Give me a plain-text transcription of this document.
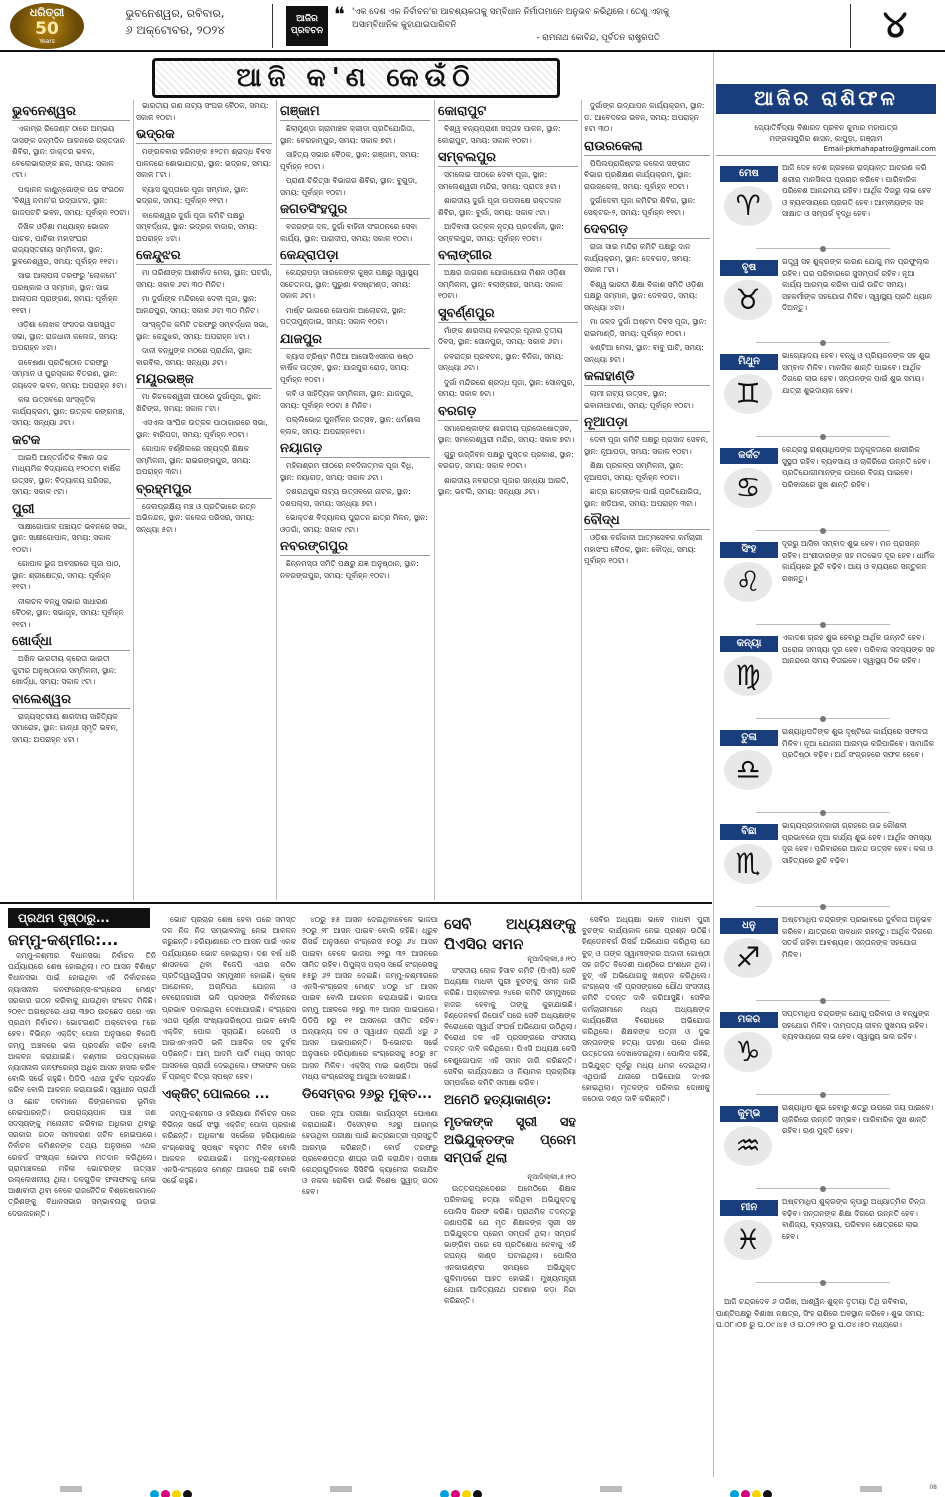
ଧରିତ୍ରୀ
50
Years
ଭୁବନେଶ୍ୱର, ରବିବାର,
୬ ଅକ୍ଟୋବର, ୨୦୨୪
ଆଜିର
ପ୍ରବଚନ
❝ 'ଏକ ଦେଶ ଏକ ନିର୍ବାଚନ'ର ଆବଶ୍ୟକତାକୁ ସମ୍ବିଧାନ ନିର୍ମାତାମାନେ ଅନୁଭବ କରିଥିଲେ। ତେଣୁ ଏହାକୁ ଅସାମ୍ବିଧାନିକ କୁହାଯାଇପାରିବନି
- ରାମନାଥ କୋବିନ୍ଦ, ପୂର୍ବତନ ରାଷ୍ଟ୍ରପତି	୪
ଆଜି କ'ଣ କେଉଁଠି
ଭୁବନେଶ୍ୱର

ଏକାମ୍ର ରିଜେଣ୍ଟ ଠାରେ ଅମ୍ଭୟ ଦାସଙ୍କ ଜନ୍ମଦିନ ପାଳନରେ ରକ୍ତଦାନ ଶିବିର, ସ୍ଥାନ: ଡାକ୍ତର ଭବନ, ବେଲେଭାଲଙ୍କ ଛକ, ସମୟ: ସକାଳ ୯ଟା।

ପଶ୍ଚାନନ କାଣୁନ୍‌ଗୋଙ୍କ ଉଚ୍ଚ ସଂଗଠନ 'ବିଶ୍ୱ ନମନ'ର ଉଦ୍‌ଘାଟନ, ସ୍ଥାନ: ଗାଜପଟଟି ଭବନ, ସମୟ: ପୂର୍ବାହ୍ନ ୧୦ଟା।

ନିଖିଳ ଓଡ଼ିଶା ମଧ୍ୟାହ୍ନ ଭୋଜନ ପାଚକ, ପାଚିକା ମହାସଂଘର ରାଜ୍ୟସ୍ତରୀୟ ସମ୍ମିଳନୀ, ସ୍ଥାନ: ଭୁବନେଶ୍ୱର, ସମୟ: ପୂର୍ବାହ୍ନ ୧୧ଟା।

ସାଇ ଆଲାପନା ତରଫରୁ 'ଲୋକମେ' ପରଷ୍କାର ଓ ସମ୍ମାନ, ସ୍ଥାନ: ସାଇ ଆଲାପନା ପ୍ରାଙ୍ଗଣ, ସମୟ: ପୂର୍ବାହ୍ନ ୧୧ଟା।

ଓଡ଼ିଶା ଲେଖକ ସଂସଦର ସାରସ୍ୱତ ସଭା, ସ୍ଥାନ: ରାଜଧାନୀ କଲେଜ, ସମୟ: ଅପରାହ୍ନ ୪ଟା।

ଗବେଷଣା ପ୍ରତିଷ୍ଠାନ ତରଫରୁ ସମ୍ମାନ ଓ ପୁରସ୍କାର ବିତରଣ, ସ୍ଥାନ: ଜୟଦେବ ଭବନ, ସମୟ: ଅପରାହ୍ନ ୫ଟା।

କଳା ଉତ୍ସବରେ ସାଂସ୍କୃତିକ କାର୍ଯ୍ୟକ୍ରମ, ସ୍ଥାନ: ଉତ୍କଳ ରଙ୍ଗମଞ୍ଚ, ସମୟ: ସନ୍ଧ୍ୟା ୬ଟା।

କଟକ

ଆଇପି ଆନ୍ତର୍ଜାତିକ ବିଜ୍ଞାନ ଉଚ୍ଚ ମାଧ୍ୟମିକ ବିଦ୍ୟାଳୟ ୧୨୦ତମ ବାର୍ଷିକ ଉତ୍ସବ, ସ୍ଥାନ: ବିଦ୍ୟାଳୟ ପରିସର, ସମୟ: ସକାଳ ୯ଟା।

ପୁରୀ

ସାକ୍ଷୀଗୋପାଳ ପଞ୍ଚାୟତ ଭବନରେ ସଭା, ସ୍ଥାନ: ସାକ୍ଷୀଗୋପାଳ, ସମୟ: ସକାଳ ୧୦ଟା।

ଗୋପାଳ ଭୁଜ ଅବସରରେ ପୂଜା ପାଠ, ସ୍ଥାନ: ଶ୍ରୀକ୍ଷେତ୍ର, ସମୟ: ପୂର୍ବାହ୍ନ ୧୧ଟା।

ନୀଳାଚଳ ବନ୍ଧୁ ସଭାର ସାଧାରଣ ବୈଠକ, ସ୍ଥାନ: ସଭାଗୃହ, ସମୟ: ପୂର୍ବାହ୍ନ ୧୧ଟା।

ଖୋର୍ଦ୍ଧା

ଅଖିଳ ଭାରତୀୟ କ୍ରେତା ଭାରତୀ କୁଟୀର ଅନୁଷ୍ଠାନର ସମ୍ମିଳନୀ, ସ୍ଥାନ: ଖୋର୍ଦ୍ଧା, ସମୟ: ସକାଳ ୯ଟା।

ବାଲେଶ୍ୱର

ରାଜ୍ୟସ୍ତରୀୟ ଶାରଦୀୟ ସାହିତ୍ୟିକ ସମାରୋହ, ସ୍ଥାନ: ଗାନ୍ଧୀ ସ୍ମୃତି ଭବନ, ସମୟ: ଅପରାହ୍ନ ୪ଟା।

ଭାରତୀୟ ଗଣ ନାଟ୍ୟ ସଂଘର ବୈଠକ, ସମୟ: ସକାଳ ୧୦ଟା।

ଭଦ୍ରକ

ମଙ୍ଗଳବାର ହରିମଙ୍କ ୫୨ତମ ଶ୍ରାଦ୍ଧ ବିବସ ପାଳନରେ ଶୋଭାଯାତ୍ରା, ସ୍ଥାନ: ଭଦ୍ରକ, ସମୟ: ସକାଳ ୮ଟା।

ବ୍ୟାସ ଗୁପ୍ତାରେ ପୂଜା ସମ୍ମାନ, ସ୍ଥାନ: ଭଦ୍ରକ, ସମୟ: ପୂର୍ବାହ୍ନ ୧୧ଟା।

ବାଲେଶ୍ୱର ଦୁର୍ଗା ପୂଜା କମିଟି ପକ୍ଷରୁ ସମ୍ବର୍ଦ୍ଧନା, ସ୍ଥାନ: ଭଦ୍ରକ ବାଜାର, ସମୟ: ଅପରାହ୍ନ ୪ଟା।

କେନ୍ଦୁଝର

ମା ତାରିଣୀଙ୍କ ଆଶୀର୍ବାଦ ମେଳା, ସ୍ଥାନ: ଘଟଗାଁ, ସମୟ: ସକାଳ ୬ଟା ୩୦ ମିନିଟ।

ମା ଦୁର୍ଗାଙ୍କ ମନ୍ଦିରରେ ଦେବୀ ପୂଜା, ସ୍ଥାନ: ଆନନ୍ଦପୁର, ସମୟ: ସକାଳ ୬ଟା ୩୦ ମିନିଟ।

ସାଂସ୍କୃତିକ କମିଟି ତରଫରୁ ସମ୍ବର୍ଦ୍ଧନା ସଭା, ସ୍ଥାନ: କେନ୍ଦୁଝର, ସମୟ: ଅପରାହ୍ନ ୪ଟା।

ଦାନୀ ବନ୍ଧୁଙ୍କ ମଠରେ ପ୍ରାର୍ଥନା, ସ୍ଥାନ: ବାରବିଲ, ସମୟ: ସନ୍ଧ୍ୟା ୬ଟା।

ମୟୂରଭଞ୍ଜ

ମା କିଚକେଶ୍ୱରୀ ପୀଠରେ ଦୁର୍ଗାପୂଜା, ସ୍ଥାନ: ଖିଚିଙ୍ଗ, ସମୟ: ସକାଳ ୮ଟା।

ଏସଏଲ ସାଂଘିକ ଉତ୍କଳ ପାଠାଗାରରେ ସଭା, ସ୍ଥାନ: ବାରିପଦା, ସମୟ: ପୂର୍ବାହ୍ନ ୧୦ଟା।

ଗୋପାଳ ବର୍ଣ୍ଣିଲରେ ସହ୍ୟଦ୍ରି ଶିକ୍ଷକ ସମ୍ମିଳନୀ, ସ୍ଥାନ: ରାଇରଙ୍ଗପୁର, ସମୟ: ଅପରାହ୍ନ ୩ଟା।

ବ୍ରହ୍ମପୁର

ଜେଲପ୍ରକ୍ଷିୟ ମଞ୍ଚ ଓ ପ୍ରତିଭାରେ ରତ୍ନ ଅଭିନନ୍ଦନ, ସ୍ଥାନ: କଲେଜ ପରିସର, ସମୟ: ସନ୍ଧ୍ୟା ୫ଟା।

ଗଞ୍ଜାମ

ଛିଲାମୁଣ୍ଡା ଗ୍ରାମାଞ୍ଚଳ କ୍ରୀଡ଼ା ପ୍ରତିଯୋଗିତା, ସ୍ଥାନ: ବେରହାମ୍ପୁର, ସମୟ: ସକାଳ ୭ଟା।

ସାହିତ୍ୟ ସଭାର ବୈଠକ, ସ୍ଥାନ: ଗଞ୍ଜାମ, ସମୟ: ପୂର୍ବାହ୍ନ ୧୦ଟା।

ପ୍ରାଣୀ ଚିକିତ୍ସା ବିଭାଗର ଶିବିର, ସ୍ଥାନ: ବୁଗୁଡ଼ା, ସମୟ: ପୂର୍ବାହ୍ନ ୧୦ଟା।

ଜଗତସିଂହପୁର

ବଜରଙ୍ଗ ଦଳ, ଦୁର୍ଗା ବାହିନୀ ସଂଗଠନରେ ସେବା କାର୍ଯ୍ୟ, ସ୍ଥାନ: ପାରାଦୀପ, ସମୟ: ସକାଳ ୧୦ଟା।

କେନ୍ଦ୍ରାପଡ଼ା

କେନ୍ଦ୍ରାପଡ଼ା ସାରଳେଙ୍କ କୁଞ୍ଜ ପକ୍ଷରୁ ସ୍ୱାସ୍ଥ୍ୟ ସଚେତନତା, ସ୍ଥାନ: ପୁରୁଣା ବସଷ୍ଟାଣ୍ଡ, ସମୟ: ସକାଳ ୬ଟା।

ମାର୍ଷ୍ଟ ଭାଗରେ ଗୋପାଳ ଆଲୋଚନା, ସ୍ଥାନ: ପତ୍ତାମୁଣ୍ଡାଇ, ସମୟ: ସକାଳ ୧୦ଟା।

ଯାଜପୁର

ବ୍ୟାସ ଟ୍ରିଷ୍ଟ ମିଡିଆ ଆସୋସିଏସନର ଷଷ୍ଠ ବାର୍ଷିକ ଉତ୍ସବ, ସ୍ଥାନ: ଯାଜପୁର ରୋଡ଼, ସମୟ: ପୂର୍ବାହ୍ନ ୧୦ଟା।

କବି ଓ ସାହିତ୍ୟିକ ସମ୍ମିଳନୀ, ସ୍ଥାନ: ଯାଜପୁର, ସମୟ: ପୂର୍ବାହ୍ନ ୧୦ଟା ୫ ମିନିଟ।

ପଲ୍ଲିଭୋଜ ପୁନର୍ମିଳନ ଉତ୍ସବ, ସ୍ଥାନ: ଧର୍ମଶାଳା ବ୍ଲକ, ସମୟ: ଅପରାହ୍ନ୧ଟା।

ନୟାଗଡ଼

ମହିଳାଶ୍ରମ ପୀଠରେ ନବଦିନାତ୍ମକ ପୂଜା ବିଧି, ସ୍ଥାନ: ନୟାଗଡ଼, ସମୟ: ସକାଳ ୬ଟା।

ଦଶରଥପୁର ନାଟ୍ୟ ଉତ୍ସବରେ ନାଟକ, ସ୍ଥାନ: ଦଶପଲ୍ଲା, ସମୟ: ସନ୍ଧ୍ୟା ୭ଟା।

ଭୋକ୍ତଶ ବିଦ୍ୟାଳୟ ପୁରାତନ ଛାତ୍ର ମିଳନ, ସ୍ଥାନ: ଓଡ଼ଗାଁ, ସମୟ: ସକାଳ ୯ଟା।

ନବରଙ୍ଗପୁର

ଛିନ୍ନମସ୍ତା ସମିତି ପକ୍ଷରୁ ଯଜ୍ଞ ଅନୁଷ୍ଠାନ, ସ୍ଥାନ: ନବରଙ୍ଗପୁର, ସମୟ: ପୂର୍ବାହ୍ନ ୧୦ଟା।

କୋରାପୁଟ

ବିଶ୍ୱ ବନ୍ୟପ୍ରାଣୀ ସପ୍ତାହ ପାଳନ, ସ୍ଥାନ: କୋରାପୁଟ, ସମୟ: ସକାଳ ୧୦ଟା।

ସମ୍ବଲପୁର

ସମଲେଇ ପୀଠରେ ଦେବୀ ପୂଜା, ସ୍ଥାନ: ସମଲେଶ୍ୱରୀ ମନ୍ଦିର, ସମୟ: ପ୍ରାତଃ ୫ଟା।

ଶାରଦୀୟ ଦୁର୍ଗା ପୂଜା ଉପଲକ୍ଷେ ରକ୍ତଦାନ ଶିବିର, ସ୍ଥାନ: ବୁର୍ଲା, ସମୟ: ସକାଳ ୯ଟା।

ଆଦିବାସୀ ଉତ୍କଳ ନୃତ୍ୟ ପ୍ରଦର୍ଶନୀ, ସ୍ଥାନ: ସମ୍ବଲପୁର, ସମୟ: ପୂର୍ବାହ୍ନ ୧୦ଟା।

ବଲାଙ୍ଗୀର

ଅକ୍ଷର ଜାଗରଣ ଯୋଗାଯୋଗ ମିଶନ ଓଡ଼ିଶା ସମ୍ମିଳନୀ, ସ୍ଥାନ: ବଲାଙ୍ଗୀର, ସମୟ: ସକାଳ ୧୦ଟା।

ସୁବର୍ଣ୍ଣପୁର

ମାଁଙ୍କ ଶାରଦୀୟ ନବରାତ୍ର ପୂଜାର ତୃତୀୟ ଦିବସ, ସ୍ଥାନ: ସୋନପୁର, ସମୟ: ସକାଳ ୬ଟା।

ନବରାତ୍ର ପ୍ରବଚନ, ସ୍ଥାନ: ବିନିକା, ସମୟ: ସନ୍ଧ୍ୟା ୬ଟା।

ଦୁର୍ଗା ମନ୍ଦିରରେ ଶ୍ରଦ୍ଧ ପୂଜା, ସ୍ଥାନ: ସୋନପୁର, ସମୟ: ସକାଳ ୭ଟା।

ବରଗଡ଼

ସମାରେଷ୍କାଙ୍କ ଶାରଦୀୟ ପ୍ରଦୋଷୋତ୍ସବ, ସ୍ଥାନ: ସମଲେଶ୍ୱରୀ ମନ୍ଦିର, ସମୟ: ସକାଳ ୭ଟା।

ଗୁରୁ ଉଜ୍ଜିବନ ପକ୍ଷରୁ ପୁସ୍ତକ ପ୍ରକାଶ, ସ୍ଥାନ: ବରଗଡ଼, ସମୟ: ସକାଳ ୧୦ଟା।

ଶାରଦୀୟ ନବରାତ୍ର ପୂଜାର ସନ୍ଧ୍ୟା ଆରତି, ସ୍ଥାନ: ଭଟଲି, ସମୟ: ସନ୍ଧ୍ୟା ୬ଟା।

ଦୁର୍ଗାଙ୍କ ଉଦ୍‌ଯାପନ କାର୍ଯ୍ୟକ୍ରମ, ସ୍ଥାନ: ଡ. ଆବେଦକର ଭବନ, ସମୟ: ଅପରାହ୍ନ ୫ଟା ୩୦।

ରାଉରକେଲା

ପିପିଲପ୍ରାଜିଷ୍ଟର କଲେଜ ସଙ୍ଗୀତ ବିଭାଗ ପ୍ରଶିକ୍ଷଣ କାର୍ଯ୍ୟକ୍ରମ, ସ୍ଥାନ: ରାଉରକେଲା, ସମୟ: ପୂର୍ବାହ୍ନ ୧୦ଟା।

ଦୁର୍ଗାଦେବୀ ପୂଜା କମିଟିର ଶିବିର, ସ୍ଥାନ: ସେକ୍ଟର-୨, ସମୟ: ପୂର୍ବାହ୍ନ ୧୧ଟା।

ଦେବଗଡ଼

ରାଜା ସାଇ ମନ୍ଦିର କମିଟି ପକ୍ଷରୁ ଦାନ କାର୍ଯ୍ୟକ୍ରମ, ସ୍ଥାନ: ଦେବଗଡ଼, ସମୟ: ସକାଳ ୮ଟା।

ବିଶ୍ୱ ଭାରତୀ ଶିକ୍ଷା ବିକାଶ ସମିତି ଓଡ଼ିଶା ପକ୍ଷରୁ ସମ୍ମାନ, ସ୍ଥାନ: ଦେବଗଡ଼, ସମୟ: ସନ୍ଧ୍ୟା ୪ଟା।

ମା ଜଳଦ ଦୁର୍ଗା ଅଷ୍ଟମ ଦିବସ ପୂଜା, ସ୍ଥାନ: ରାଇମାଣ୍ଡି, ସମୟ: ପୂର୍ବାହ୍ନ ୧୦ଟା।

ଝଣ୍ଟିଆ ମେଳା, ସ୍ଥାନ: ବାବୁ ଘାଟି, ସମୟ: ସନ୍ଧ୍ୟା ୭ଟା।

କଳାହାଣ୍ଡି

ଲାମୀ ନାଟ୍ୟ ଉତ୍ସବ, ସ୍ଥାନ: ଭବାନୀପାଟଣା, ସମୟ: ପୂର୍ବାହ୍ନ ୧୦ଟା।

ନୂଆପଡ଼ା

ଦେବୀ ପୂଜା କମିଟି ପକ୍ଷରୁ ପ୍ରସାଦ ସେବନ, ସ୍ଥାନ: ନୂଆପଡ଼ା, ସମୟ: ସକାଳ ୧୦ଟା।

ଶିକ୍ଷା ପ୍ରକଳ୍ପ ସମ୍ମିଳନୀ, ସ୍ଥାନ: ନୂଆପଡ଼ା, ସମୟ: ପୂର୍ବାହ୍ନ ୧୦ଟା।

ଛାତ୍ର ଛାତ୍ରୀଙ୍କ ପାଇଁ ପ୍ରତିଯୋଗିତା, ସ୍ଥାନ: ଖଡ଼ିଆଳ, ସମୟ: ଅପରାହ୍ନ ୩ଟା।

ବୌଦ୍ଧ

ଓଡ଼ିଶା ବର୍ଗକାଳୀ ଆତ୍ମସେବକ କର୍ମଚାରୀ ମହାସଂଘ ବୈଠକ, ସ୍ଥାନ: ବୌଦ୍ଧ, ସମୟ: ପୂର୍ବାହ୍ନ ୧୦ଟା।

ଆଜିର ରାଶିଫଳ
ଜ୍ୟୋତିର୍ବିଦ୍ୟା ବିଶାରଦ ପ୍ରବନ କୁମାର ମହାପାତ୍ର
ମଙ୍ଗଳାପୁରିର ଶାସନ, କାପୁଡ଼ା, ଗଞ୍ଜାମ
Email-pkmahapatro@gmail.com
ମେଷ
♈
ଆଜି ଦେହ ଦେଶ ଗ୍ରହରେ ରାଜ୍ୟାନ୍ତ ଆଚରଣ କରି ଶରୀର ମାନସିକତା ପ୍ରଚାର କରିବେ। ପାରିବାରିକ ପରିବେଶ ଆନନ୍ଦମୟ ରହିବ। ଆର୍ଥିକ ଦିଗରୁ ଲାଭ ହେବ ଓ ବ୍ୟବସାୟରେ ପ୍ରଗତି ହେବ। ଆମ୍ବୀୟଙ୍କ ସହ ସାକ୍ଷାତ ଓ ସମ୍ପର୍କ ବୃଦ୍ଧି ହେବ।
ବୃଷ
♉
ଗତ୍ତ୍ୱ ସହ ଶୁକ୍ରଙ୍କ କାରଣ ଯୋଗୁ ମନ ପ୍ରଫୁଲ୍ଲ ରହିବ। ଘର ପରିବାରରେ ସୁସମ୍ପର୍କ ରହିବ। ନୂଆ କାର୍ଯ୍ୟ ଆରମ୍ଭ କରିବା ପାଇଁ ଉଚିତ ସମୟ। ସହକର୍ମୀଙ୍କ ସହଯୋଗ ମିଳିବ। ସ୍ୱାସ୍ଥ୍ୟ ପ୍ରତି ଧ୍ୟାନ ଦିଅନ୍ତୁ।
ମିଥୁନ
♊
ଭାଗ୍ୟୋଦୟ ହେବ। ବନ୍ଧୁ ଓ ପ୍ରିୟଜନଙ୍କ ସହ ଶୁଭ ସମ୍ବାଦ ମିଳିବ। ମାନସିକ ଶାନ୍ତି ପାଇବେ। ଆର୍ଥିକ ଦିଗରେ ଲାଭ ହେବ। ସନ୍ତାନଙ୍କ ପାଇଁ ଶୁଭ ସମୟ। ଯାତ୍ରା ଶୁଭଦାୟକ ହେବ।
କର୍କଟ
♋
କେନ୍ଦ୍ରସ୍ଥ ରାଶ୍ୟାଧିପଙ୍କ ଅନୁକୂଳତାରେ ଶାରୀରିକ ସୁସ୍ଥତା ରହିବ। ବ୍ୟବସାୟ ଓ ଚାକିରିରେ ଉନ୍ନତି ହେବ। ପ୍ରତିଯୋଗୀମାନଙ୍କ ଉପରେ ବିଜୟ ପାଇବେ। ପରିବାରରେ ସୁଖ ଶାନ୍ତି ରହିବ।
ସିଂହ
♌
ଦୂରରୁ ଆସିବା ସମ୍ବାଦ ଶୁଭ ହେବ। ମନ ପ୍ରସନ୍ନ ରହିବ। ଅଂଶୀଦାରଙ୍କ ସହ ମତଭେଦ ଦୂର ହେବ। ଧାର୍ମିକ କାର୍ଯ୍ୟରେ ରୁଚି ବଢ଼ିବ। ଆୟ ଓ ବ୍ୟୟରେ ସନ୍ତୁଳନ ରଖନ୍ତୁ।
କନ୍ୟା
♍
ଏକାଦଶ ଗ୍ରହ ଶୁଭ ହେବାରୁ ଆର୍ଥିକ ଉନ୍ନତି ହେବ। ଘରୋଇ ସମସ୍ୟା ଦୂର ହେବ। ପରିବାର ସଦସ୍ୟଙ୍କ ସହ ଆନନ୍ଦରେ ସମୟ ବିତାଇବେ। ସ୍ୱାସ୍ଥ୍ୟ ଠିକ ରହିବ।
ତୁଳା
♎
ରାଶ୍ୟାଧିପତିଙ୍କ ଶୁଭ ଦୃଷ୍ଟିରେ କାର୍ଯ୍ୟରେ ସଫଳତା ମିଳିବ। ନୂଆ ଯୋଜନା ଆରମ୍ଭ କରିପାରିବେ। ସାମାଜିକ ପ୍ରତିଷ୍ଠା ବଢ଼ିବ। ଅର୍ଥ ସଂଗ୍ରହରେ ସଫଳ ହେବେ।
ବିଛା
♏
ଭାଗ୍ୟପ୍ରଦାନକାରୀ ଗ୍ରହରେ ଉଚ୍ଚ କୌଶଳୀ ପ୍ରଭାବରେ ନୂଆ କାର୍ଯ୍ୟ ଶୁଭ ହେବ। ଆର୍ଥିକ ସମସ୍ୟା ଦୂର ହେବ। ପରିବାରରେ ଆନନ୍ଦ ଉତ୍ସବ ହେବ। କଳା ଓ ସାହିତ୍ୟରେ ରୁଚି ବଢ଼ିବ।
ଧନୁ
♐
ଅଷ୍ଟମାଧିପ ଚନ୍ଦ୍ରଙ୍କ ପ୍ରଭାବରେ ଦୁର୍ବଳତା ଅନୁଭବ କରିବେ। ଯାତ୍ରାରେ ସାବଧାନ ରହନ୍ତୁ। ଆର୍ଥିକ ଦିଗରେ ସତର୍କ ରହିବା ଆବଶ୍ୟକ। ସନ୍ତାନଙ୍କ ସହଯୋଗ ମିଳିବ।
ମକର
♑
ସପ୍ତମାଧିପ ଚନ୍ଦ୍ରଙ୍କ ଯୋଗୁ ପରିବାର ଓ ବନ୍ଧୁଙ୍କ ସହଯୋଗ ମିଳିବ। ଦାମ୍ପତ୍ୟ ଜୀବନ ସୁଖମୟ ରହିବ। ବ୍ୟବସାୟରେ ଲାଭ ହେବ। ସ୍ୱାସ୍ଥ୍ୟ ଭଲ ରହିବ।
କୁମ୍ଭ
♒
ରାଶ୍ୟାଧିପ ଶୁଭ ହେବାରୁ ଶତ୍ରୁ ଉପରେ ଜୟ ପାଇବେ। ଚାକିରିରେ ଉନ୍ନତି ସମ୍ଭବ। ପାରିବାରିକ ସୁଖ ଶାନ୍ତି ରହିବ। ଋଣ ମୁକ୍ତି ହେବ।
ମୀନ
♓
ଅଷ୍ଟମାଧିପ ଶୁକ୍ରଙ୍କ କୃପାରୁ ଅଧ୍ୟାତ୍ମିକ ଚିନ୍ତା ବଢ଼ିବ। ସନ୍ତାନଙ୍କ ଶିକ୍ଷା ଦିଗରେ ଉନ୍ନତି ହେବ। ବାଣିଜ୍ୟ, ବ୍ୟବସାୟ, ପରିବହନ କ୍ଷେତ୍ରରେ ଲାଭ ହେବ।
ଆଜି ଚନ୍ଦ୍ରଦେବ ୬ ତାରିଖ, ଆଶ୍ୱିନ ଶୁକ୍ଳ ତୃତୀୟା ତିଥି ରବିବାର, ଘାଣ୍ଟିପକ୍ଷରୁ ବିଶାଖା ନକ୍ଷତ୍ର, ସିଂହ ରାଶିରେ ଅବସ୍ଥାନ କରିବେ। ଶୁଭ ସମୟ: ଘ.୦୮।୦୭ ରୁ ଘ.୦୯।୪୫ ଓ ଘ.୦୨।୨୦ ରୁ ଘ.୦୪।୫୦ ମଧ୍ୟରେ।
ପ୍ରଥମ ପୃଷ୍ଠାରୁ...
ଜମ୍ମୁ-କଶ୍ମୀର:...

ଜମ୍ମୁ-କଶ୍ମୀର ବିଧାନସଭା ନିର୍ବାଚନ ତିନି ପର୍ଯ୍ୟାୟରେ ଶେଷ ହୋଇଥିଲା। ୯୦ ଆସନ ବିଶିଷ୍ଟ ବିଧାନସଭା ପାଇଁ ହୋଇଥିବା ଏହି ନିର୍ବାଚନରେ ନ୍ୟାସନାଲ କନଫରେନ୍ସ-କଂଗ୍ରେସ ମେଣ୍ଟ ସରକାର ଗଠନ କରିବାକୁ ଯାଉଥିବା ସଂକେତ ମିଳିଛି। ୨୦୧୯ ଅଗଷ୍ଟରେ ଧାରା ୩୭୦ ଉଚ୍ଛେଦ ପରେ ଏହା ପ୍ରଥମ ନିର୍ବାଚନ। ଭୋଟଗଣତି ଅକ୍ଟୋବର ୮ରେ ହେବ। ବିଭିନ୍ନ ଏକ୍‌ଜିଟ୍ ପୋଲ ଅନୁସାରେ ବିଜେପି ଜମ୍ମୁ ଅଞ୍ଚଳରେ ଭଲ ପ୍ରଦର୍ଶନ କରିବ ବୋଲି ଆକଳନ କରାଯାଇଛି। କଶ୍ମୀର ଉପତ୍ୟକାରେ ନ୍ୟାସନାଲ କନଫରେନ୍ସ ଅଧିକ ଆସନ ହାସଲ କରିବ ବୋଲି ସର୍ଭେ କହୁଛି। ପିଡିପି ଏଥର ଦୁର୍ବଳ ପ୍ରଦର୍ଶନ କରିବ ବୋଲି ଆକଳନ କରାଯାଇଛି। ସ୍ୱାଧୀନ ପ୍ରାର୍ଥୀ ଓ ଛୋଟ ଦଳମାନେ କିଙ୍ଗମେକର ଭୂମିକା ନେଇପାରନ୍ତି। ଉପରାଜ୍ୟପାଳ ପାଞ୍ଚ ଜଣ ସଦସ୍ୟଙ୍କୁ ମନୋନୀତ କରିବାର ଅଧିକାର ଥିବାରୁ ସରକାର ଗଠନ ସମୀକରଣ ଜଟିଳ ହୋଇପାରେ। ନିର୍ବାଚନ କମିଶନଙ୍କ ତଥ୍ୟ ଅନୁସାରେ ଏଥର ରେକର୍ଡ ସଂଖ୍ୟକ ଭୋଟର ମତଦାନ କରିଥିଲେ। ଗ୍ରାମାଞ୍ଚଳରେ ମହିଳା ଭୋଟରଙ୍କ ଉତ୍ସାହ ଉଲ୍ଲେଖନୀୟ ଥିଲା। ଦଳଗୁଡ଼ିକ ଫଳାଫଳକୁ ନେଇ ଆଶାବାଦୀ ଥିବା ବେଳେ ରାଜନୈତିକ ବିଶ୍ଳେଷକମାନେ ତ୍ରିଶଙ୍କୁ ବିଧାନସଭାର ସମ୍ଭାବନାକୁ ଉଡ଼ାଇ ଦେଉନାହାନ୍ତି।

ଭୋଟ ପ୍ରଚାର ଶେଷ ହେବା ପରେ ସମସ୍ତ ଦଳ ନିଜ ନିଜ ସମ୍ଭାବନାକୁ ନେଇ ଆକଳନ କରୁଛନ୍ତି। ହରିୟାଣାରେ ୯୦ ଆସନ ପାଇଁ ଏକକ ପର୍ଯ୍ୟାୟରେ ଭୋଟ ହୋଇଥିଲା। ଦଶ ବର୍ଷ ଧରି ଶାସନରେ ଥିବା ବିଜେପି ଏଥର କଠିନ ପ୍ରତିଦ୍ୱନ୍ଦ୍ୱିତାର ସମ୍ମୁଖୀନ ହୋଇଛି। କୃଷକ ଆନ୍ଦୋଳନ, ଅଗ୍ନିପଥ ଯୋଜନା ଓ ବେରୋଜଗାରୀ ଭଳି ପ୍ରସଙ୍ଗ ନିର୍ବାଚନରେ ପ୍ରଭାବ ପକାଇଥିବା ଦେଖାଯାଉଛି। କଂଗ୍ରେସ ଏଥର ପୂର୍ଣ୍ଣ ସଂଖ୍ୟାଗରିଷ୍ଠତା ପାଇବ ବୋଲି ଏକ୍‌ଜିଟ୍ ପୋଲ ସୂଚାଉଛି। ଜେଜେପି ଓ ଆଇଏନଏଲଡି ଭଳି ଆଞ୍ଚଳିକ ଦଳ ଦୁର୍ବଳ ପଡ଼ିଛନ୍ତି। ଆମ୍ ଆଦମି ପାର୍ଟି ମଧ୍ୟ ସମସ୍ତ ଆସନରେ ପ୍ରାର୍ଥୀ ଦେଇଥିଲେ। ଫଳାଫଳ ପରେ ହିଁ ପ୍ରକୃତ ଚିତ୍ର ସ୍ପଷ୍ଟ ହେବ।

ଏକ୍‌ଜିଟ୍ ପୋଲରେ ...

ଜମ୍ମୁ-କଶ୍ମୀର ଓ ହରିୟାଣା ନିର୍ବାଚନ ପରେ ବିଭିନ୍ନ ସର୍ଭେ ସଂସ୍ଥା ଏକ୍‌ଜିଟ୍ ପୋଲ ପ୍ରକାଶ କରିଛନ୍ତି। ଅଧିକାଂଶ ସର୍ଭେରେ ହରିୟାଣାରେ କଂଗ୍ରେସକୁ ସ୍ପଷ୍ଟ ବହୁମତ ମିଳିବ ବୋଲି ଆକଳନ କରାଯାଇଛି। ଜମ୍ମୁ-କଶ୍ମୀରରେ ଏନସି-କଂଗ୍ରେସ ମେଣ୍ଟ ଆଗରେ ଅଛି ବୋଲି ସର୍ଭେ କହୁଛି।

୪୦ରୁ ୫୫ ଆସନ ଦେଇଥିବାବେଳେ ଭାଜପା ୨୦ରୁ ୨୮ ଆସନ ପାଇବ ବୋଲି କହିଛି। ଧ୍ରୁବ ରିସର୍ଚ୍ଚ ଅନୁସାରେ କଂଗ୍ରେସ ୫୦ରୁ ୬୪ ଆସନ ପାଇବା ବେଳେ ଭାଜପା ୨୨ରୁ ୩୨ ଆସନରେ ସୀମିତ ରହିବ। ପିପୁଲ୍‌ସ ପଲ୍‌ସ ସର୍ଭେ କଂଗ୍ରେସକୁ ୫୫ରୁ ୬୨ ଆସନ ଦେଇଛି। ଜମ୍ମୁ-କଶ୍ମୀରରେ ଏନସି-କଂଗ୍ରେସ ମେଣ୍ଟ ୪୦ରୁ ୪୮ ଆସନ ପାଇବ ବୋଲି ଆକଳନ କରାଯାଇଛି। ଭାଜପା ଜମ୍ମୁ ଅଞ୍ଚଳରେ ୨୭ରୁ ୩୨ ଆସନ ପାଇପାରେ। ପିଡିପି ୭ରୁ ୧୧ ଆସନରେ ସୀମିତ ରହିବ। ଅନ୍ୟାନ୍ୟ ଦଳ ଓ ସ୍ୱାଧୀନ ପ୍ରାର୍ଥୀ ୪ରୁ ୬ ଆସନ ପାଇପାରନ୍ତି। ସି-ଭୋଟର ସର୍ଭେ ଅନୁସାରେ ହରିୟାଣାରେ କଂଗ୍ରେସକୁ ୫୦ରୁ ୫୮ ଆସନ ମିଳିବ। ଏକ୍‌ସିସ୍ ମାଇ ଇଣ୍ଡିଆ ସର୍ଭେ ମଧ୍ୟ କଂଗ୍ରେସକୁ ଆଗୁଆ ଦେଖାଇଛି।

ଡିସେମ୍ବର ୨୬ରୁ ମୁକ୍ତ...

ପରେ ନୂଆ ପରୀକ୍ଷା କାର୍ଯ୍ୟସୂଚୀ ଘୋଷଣା କରାଯାଇଛି। ଡିସେମ୍ବର ୨୬ରୁ ଆରମ୍ଭ ହେଉଥିବା ପରୀକ୍ଷା ପାଇଁ ଛାତ୍ରଛାତ୍ରୀ ପ୍ରସ୍ତୁତି ଆରମ୍ଭ କରିଛନ୍ତି। ବୋର୍ଡ ତରଫରୁ ପ୍ରବେଶପତ୍ର ଶୀଘ୍ର ଜାରି କରାଯିବ। ପରୀକ୍ଷା କେନ୍ଦ୍ରଗୁଡ଼ିକରେ ସିସିଟିଭି କ୍ୟାମେରା ଲଗାଯିବ ଓ ନକଲ ରୋକିବା ପାଇଁ ବିଶେଷ ସ୍କ୍ୱାଡ୍ ଗଠନ ହେବ।

ସେବି ଅଧ୍ୟକ୍ଷଙ୍କୁ ପିଏସିର ସମନ
ନୂଆଦିଲ୍ଲୀ,୫।୧୦

ସଂସଦୀୟ ଲୋକ ହିସାବ କମିଟି (ପିଏସି) ସେବି ଅଧ୍ୟକ୍ଷା ମାଧବୀ ପୁରୀ ବୁଚଙ୍କୁ ସମନ ଜାରି କରିଛି। ଅକ୍ଟୋବର ୨୪ରେ କମିଟି ସମ୍ମୁଖରେ ହାଜର ହେବାକୁ ତାଙ୍କୁ କୁହାଯାଇଛି। ହିଣ୍ଡେନବର୍ଗ ରିପୋର୍ଟ ପରେ ସେବି ଅଧ୍ୟକ୍ଷଙ୍କ ବିରୋଧରେ ସ୍ୱାର୍ଥ ସଂଘର୍ଷ ଅଭିଯୋଗ ଉଠିଥିଲା। ବିରୋଧୀ ଦଳ ଏହି ପ୍ରସଙ୍ଗରେ ସଂସଦୀୟ ତଦନ୍ତ ଦାବି କରିଥିଲେ। ପିଏସି ଅଧ୍ୟକ୍ଷ କେସି ବେଣୁଗୋପାଳ ଏହି ସମନ ଜାରି କରିଛନ୍ତି। ସେବିର କାର୍ଯ୍ୟଦକ୍ଷତା ଓ ନିୟାମକ ପ୍ରକ୍ରିୟା ସମ୍ପର୍କରେ କମିଟି ସମୀକ୍ଷା କରିବ।

ଅମେଠି ହତ୍ୟାକାଣ୍ଡ:
ମୃତକଙ୍କ ସ୍ତ୍ରୀ ସହ ଅଭିଯୁକ୍ତଙ୍କ ପ୍ରେମ ସମ୍ପର୍କ ଥିଲା
ନୂଆଦିଲ୍ଲୀ,୫।୧୦

ଉତ୍ତରପ୍ରଦେଶର ଅମେଠିରେ ଶିକ୍ଷକ ପରିବାରକୁ ହତ୍ୟା କରିଥିବା ଅଭିଯୁକ୍ତକୁ ପୋଲିସ ଗିରଫ କରିଛି। ପ୍ରାଥମିକ ତଦନ୍ତରୁ ଜଣାପଡ଼ିଛି ଯେ ମୃତ ଶିକ୍ଷକଙ୍କ ସ୍ତ୍ରୀ ସହ ଅଭିଯୁକ୍ତର ପ୍ରେମ ସମ୍ପର୍କ ଥିଲା। ସମ୍ପର୍କ ଭାଙ୍ଗିବା ପରେ ସେ ପ୍ରତିଶୋଧ ନେବାକୁ ଏହି ଜଘନ୍ୟ କାଣ୍ଡ ଘଟାଇଥିଲା। ପୋଲିସ ଏନକାଉଣ୍ଟର ସମୟରେ ଅଭିଯୁକ୍ତ ଗୁଳିମାଡ଼ରେ ଆହତ ହୋଇଛି। ମୁଖ୍ୟମନ୍ତ୍ରୀ ଯୋଗୀ ଆଦିତ୍ୟନାଥ ଘଟଣାର କଡ଼ା ନିନ୍ଦା କରିଛନ୍ତି।

ସେବିର ଅଧ୍ୟକ୍ଷା ଭାବେ ମାଧବୀ ପୁରୀ ବୁଚଙ୍କ କାର୍ଯ୍ୟକାଳ ନେଇ ପ୍ରଶ୍ନ ଉଠିଛି। ହିଣ୍ଡେନବର୍ଗ ରିସର୍ଚ୍ଚ ଅଭିଯୋଗ କରିଥିଲା ଯେ ବୁଚ୍ ଓ ତାଙ୍କ ସ୍ୱାମୀଙ୍କର ଅଦାନୀ ଗୋଷ୍ଠୀ ସହ ଜଡ଼ିତ ବିଦେଶୀ ପାଣ୍ଠିରେ ଅଂଶଧନ ଥିଲା। ବୁଚ୍ ଏହି ଅଭିଯୋଗକୁ ଖଣ୍ଡନ କରିଥିଲେ। କଂଗ୍ରେସ ଏହି ପ୍ରସଙ୍ଗରେ ଯୌଥ ସଂସଦୀୟ କମିଟି ତଦନ୍ତ ଦାବି କରିଆସୁଛି। ସେବିର କର୍ମଚାରୀମାନେ ମଧ୍ୟ ଅଧ୍ୟକ୍ଷଙ୍କ କାର୍ଯ୍ୟଶୈଳୀ ବିରୋଧରେ ଅଭିଯୋଗ କରିଥିଲେ। ଶିକ୍ଷକଙ୍କ ପତ୍ନୀ ଓ ଦୁଇ ସନ୍ତାନଙ୍କ ହତ୍ୟା ଘଟଣା ପରେ ଗାଁରେ ଉତ୍ତେଜନା ଦେଖାଦେଇଥିଲା। ପୋଲିସ କହିଛି, ଅଭିଯୁକ୍ତ ପୂର୍ବରୁ ମଧ୍ୟ ଧମକ ଦେଇଥିଲା। ଏଥିପାଇଁ ଥାନାରେ ଅଭିଯୋଗ ଦାଏର ହୋଇଥିଲା। ମୃତକଙ୍କ ପରିବାର ଦୋଷୀକୁ କଠୋର ଦଣ୍ଡ ଦାବି କରିଛନ୍ତି।

08
